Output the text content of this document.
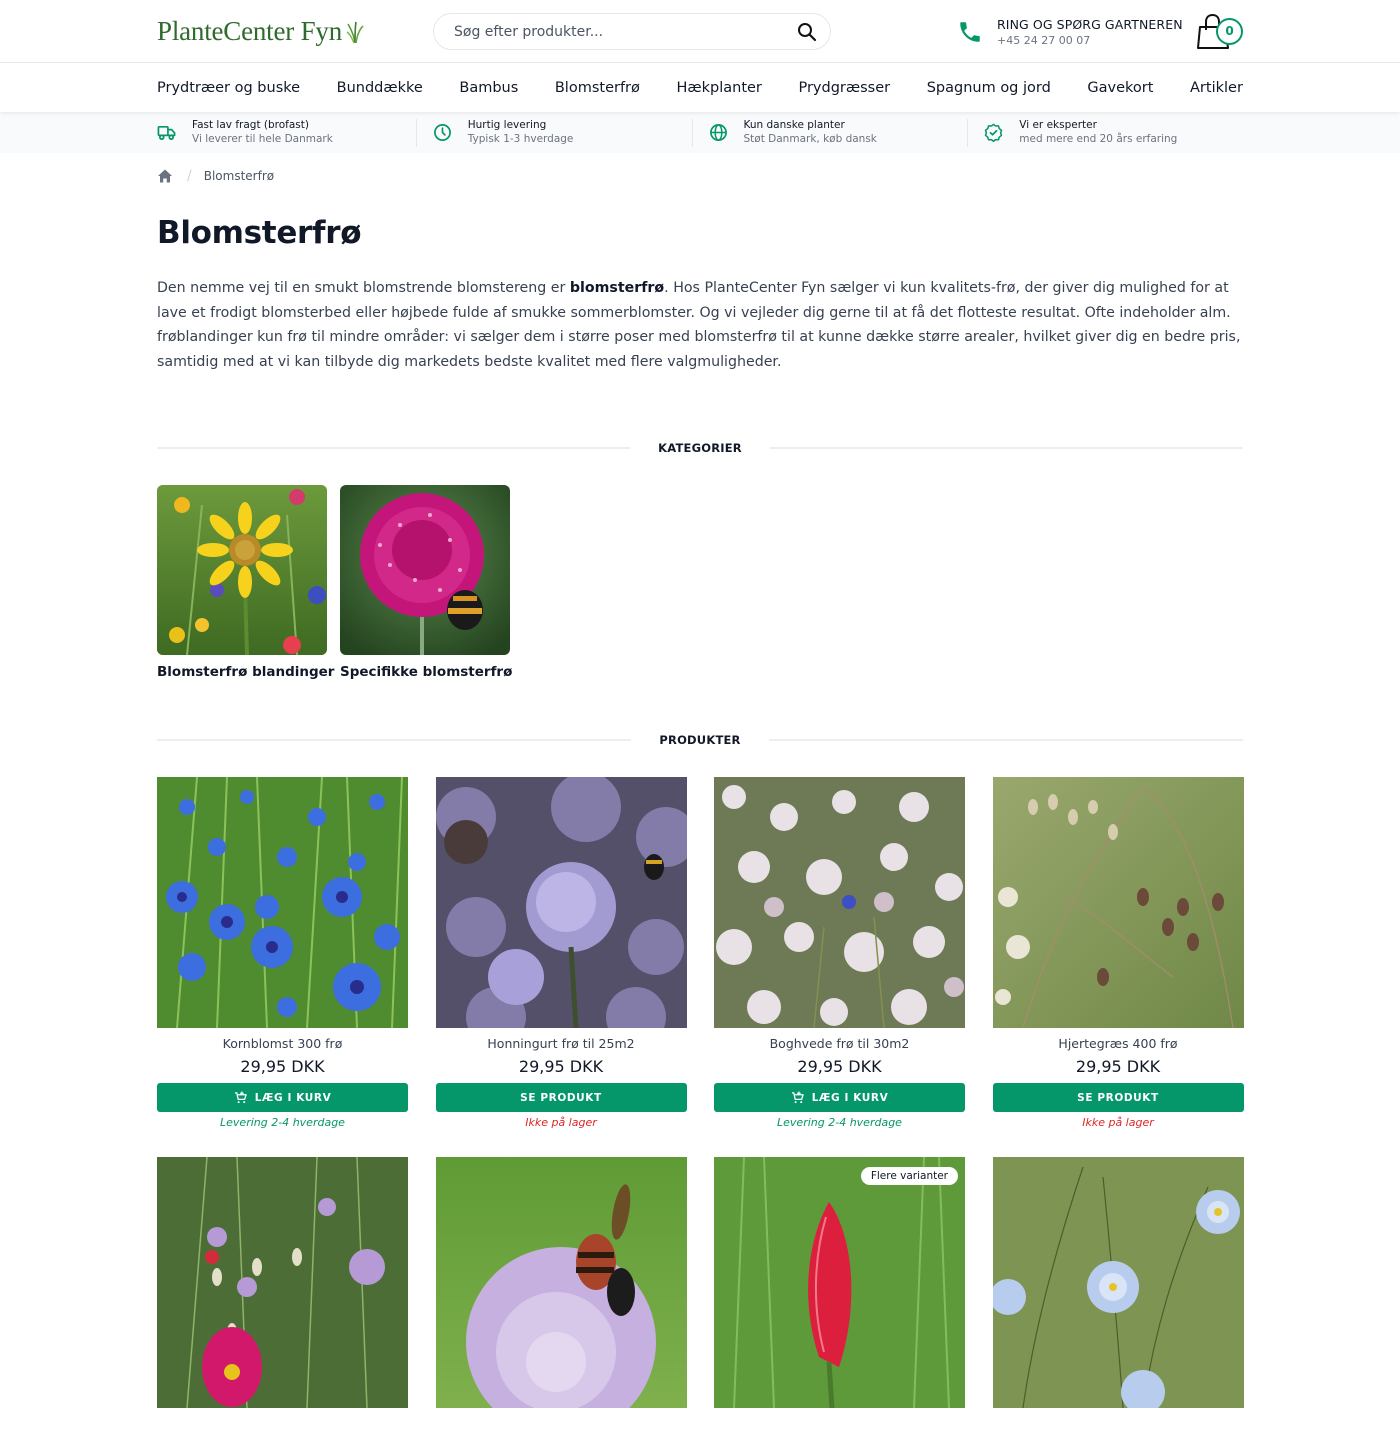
PlanteCenter Fyn
Søg efter produkter...	RING OG SPØRG GARTNEREN
+45 24 27 00 07
0
Prydtræer og buske	Bunddække	Bambus	Blomsterfrø	Hækplanter	Prydgræsser	Spagnum og jord	Gavekort	Artikler
Fast lav fragt (brofast)
Vi leverer til hele Danmark
Hurtig levering
Typisk 1-3 hverdage
Kun danske planter
Støt Danmark, køb dansk
Vi er eksperter
med mere end 20 års erfaring
/ Blomsterfrø
Blomsterfrø

Den nemme vej til en smukt blomstrende blomstereng er blomsterfrø. Hos PlanteCenter Fyn sælger vi kun kvalitets-frø, der giver dig mulighed for at lave et frodigt blomsterbed eller højbede fulde af smukke sommerblomster. Og vi vejleder dig gerne til at få det flotteste resultat. Ofte indeholder alm. frøblandinger kun frø til mindre områder: vi sælger dem i større poser med blomsterfrø til at kunne dække større arealer, hvilket giver dig en bedre pris, samtidig med at vi kan tilbyde dig markedets bedste kvalitet med flere valgmuligheder.

KATEGORIER
Blomsterfrø blandinger Specifikke blomsterfrø
PRODUKTER
Kornblomst 300 frø
29,95 DKK
LÆG I KURV
Levering 2-4 hverdage
Honningurt frø til 25m2
29,95 DKK
SE PRODUKT
Ikke på lager
Boghvede frø til 30m2
29,95 DKK
LÆG I KURV
Levering 2-4 hverdage
Hjertegræs 400 frø
29,95 DKK
SE PRODUKT
Ikke på lager
Flere varianter
